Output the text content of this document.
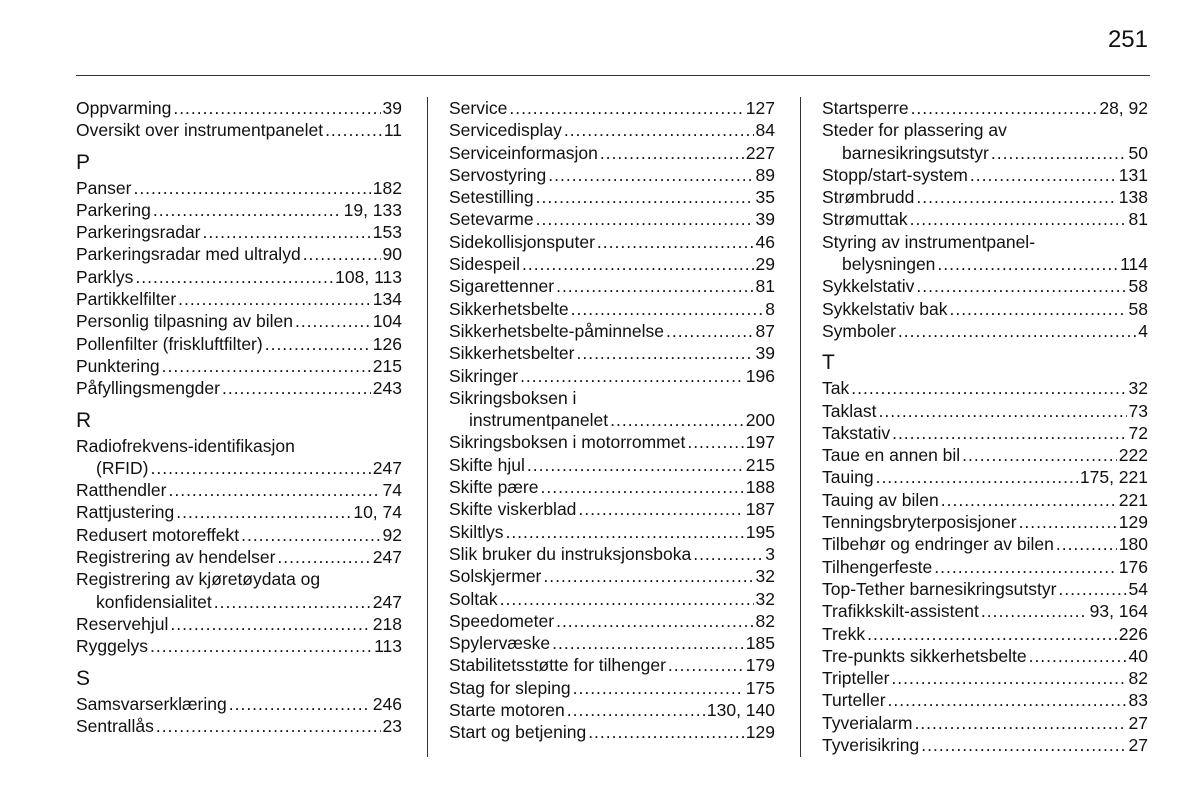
251
Oppvarming .....	39
Oversikt over instrumentpanelet .....	11
P
Panser .....	182
Parkering .....	19, 133
Parkeringsradar .....	153
Parkeringsradar med ultralyd .....	90
Parklys .....	108, 113
Partikkelfilter .....	134
Personlig tilpasning av bilen .....	104
Pollenfilter (friskluftfilter) .....	126
Punktering .....	215
Påfyllingsmengder .....	243
R
Radiofrekvens-identifikasjon
(RFID) .....	247
Ratthendler .....	74
Rattjustering .....	10, 74
Redusert motoreffekt .....	92
Registrering av hendelser .....	247
Registrering av kjøretøydata og
konfidensialitet .....	247
Reservehjul .....	218
Ryggelys .....	113
S
Samsvarserklæring .....	246
Sentrallås .....	23
Service .....	127
Servicedisplay .....	84
Serviceinformasjon .....	227
Servostyring .....	89
Setestilling .....	35
Setevarme .....	39
Sidekollisjonsputer .....	46
Sidespeil .....	29
Sigarettenner .....	81
Sikkerhetsbelte .....	8
Sikkerhetsbelte-påminnelse .....	87
Sikkerhetsbelter .....	39
Sikringer .....	196
Sikringsboksen i
instrumentpanelet .....	200
Sikringsboksen i motorrommet .....	197
Skifte hjul .....	215
Skifte pære .....	188
Skifte viskerblad .....	187
Skiltlys .....	195
Slik bruker du instruksjonsboka .....	3
Solskjermer .....	32
Soltak .....	32
Speedometer .....	82
Spylervæske .....	185
Stabilitetsstøtte for tilhenger .....	179
Stag for sleping .....	175
Starte motoren .....	130, 140
Start og betjening .....	129
Startsperre .....	28, 92
Steder for plassering av
barnesikringsutstyr .....	50
Stopp/start-system .....	131
Strømbrudd .....	138
Strømuttak .....	81
Styring av instrumentpanel-
belysningen .....	114
Sykkelstativ .....	58
Sykkelstativ bak .....	58
Symboler .....	4
T
Tak .....	32
Taklast .....	73
Takstativ .....	72
Taue en annen bil .....	222
Tauing .....	175, 221
Tauing av bilen .....	221
Tenningsbryterposisjoner .....	129
Tilbehør og endringer av bilen .....	180
Tilhengerfeste .....	176
Top-Tether barnesikringsutstyr .....	54
Trafikkskilt-assistent .....	93, 164
Trekk .....	226
Tre-punkts sikkerhetsbelte .....	40
Tripteller .....	82
Turteller .....	83
Tyverialarm .....	27
Tyverisikring .....	27
